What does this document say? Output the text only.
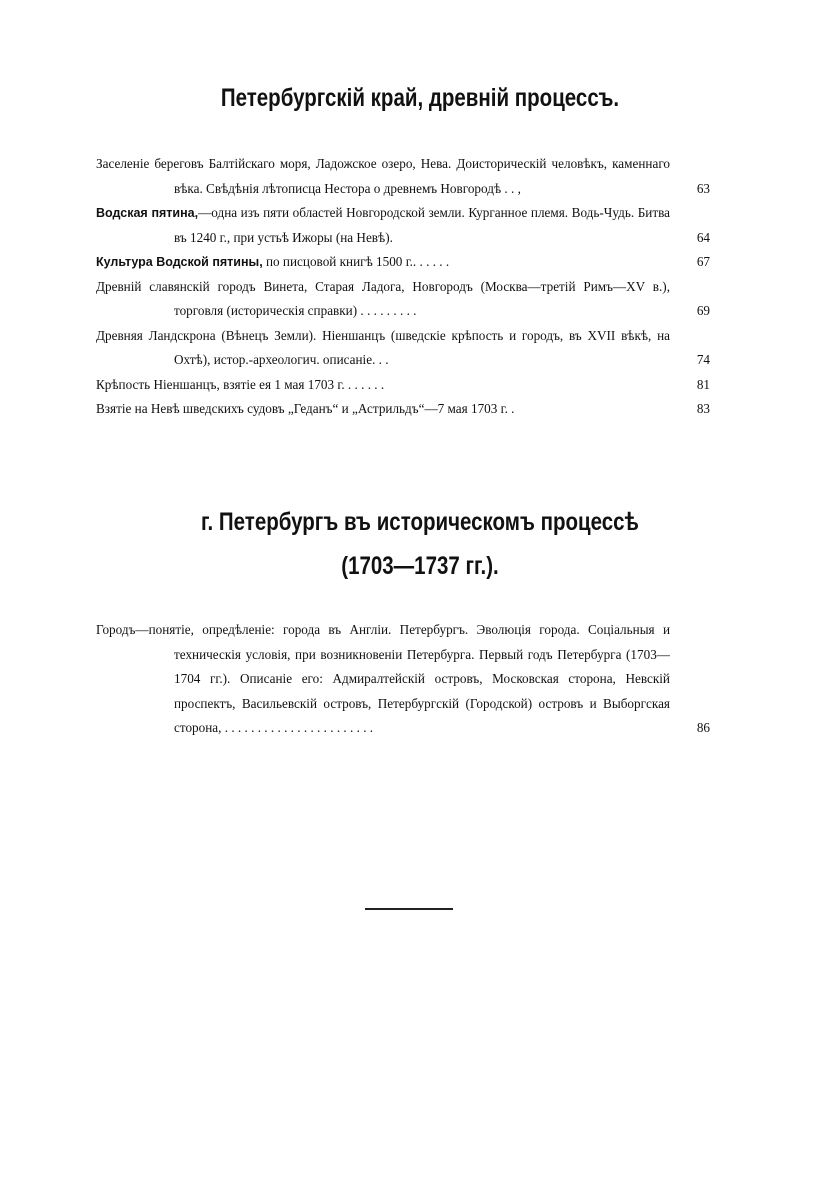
Петербургскій край, древній процессъ.
Заселеніе береговъ Балтійскаго моря, Ладожское озеро, Нева. Доисторическій человѣкъ, каменнаго вѣка. Свѣдѣнія лѣтописца Нестора о древнемъ Новгородѣ . . ,	63
Водская пятина,—одна изъ пяти областей Новгородской земли. Курганное племя. Водь-Чудь. Битва въ 1240 г., при устьѣ Ижоры (на Невѣ).	64
Культура Водской пятины, по писцовой книгѣ 1500 г.. . . . . .	67
Древній славянскій городъ Винета, Старая Ладога, Новгородъ (Москва—третій Римъ—XV в.), торговля (историческія справки) . . . . . . . . .	69
Древняя Ландскрона (Вѣнецъ Земли). Ніеншанцъ (шведскіе крѣпость и городъ, въ XVII вѣкѣ, на Охтѣ), истор.-археологич. описаніе. . .	74
Крѣпость Ніеншанцъ, взятіе ея 1 мая 1703 г. . . . . . .	81
Взятіе на Невѣ шведскихъ судовъ „Геданъ“ и „Астрильдъ“—7 мая 1703 г. .	83
г. Петербургъ въ историческомъ процессѣ
(1703—1737 гг.).
Городъ—понятіе, опредѣленіе: города въ Англіи. Петербургъ. Эволюція города. Соціальныя и техническія условія, при возникновеніи Петербурга. Первый годъ Петербурга (1703—1704 гг.). Описаніе его: Адмиралтейскій островъ, Московская сторона, Невскій проспектъ, Васильевскій островъ, Петербургскій (Городской) островъ и Выборгская сторона, . . . . . . . . . . . . . . . . . . . . . . .	86
